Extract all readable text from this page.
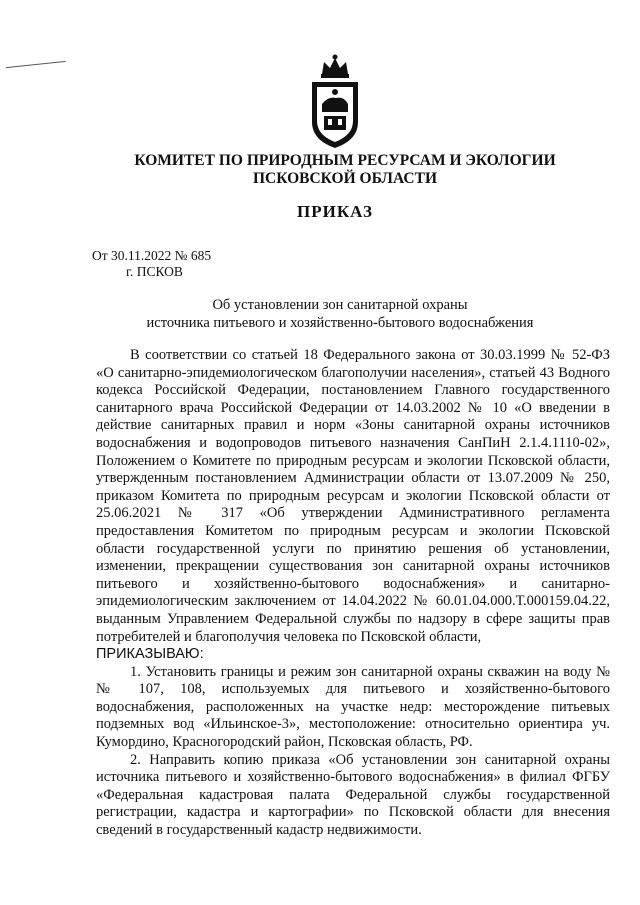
КОМИТЕТ ПО ПРИРОДНЫМ РЕСУРСАМ И ЭКОЛОГИИ
ПСКОВСКОЙ ОБЛАСТИ
ПРИКАЗ
От 30.11.2022 № 685
г. ПСКОВ
Об установлении зон санитарной охраны
источника питьевого и хозяйственно-бытового водоснабжения

В соответствии со статьей 18 Федерального закона от 30.03.1999 № 52-ФЗ «О санитарно-эпидемиологическом благополучии населения», статьей 43 Водного кодекса Российской Федерации, постановлением Главного государственного санитарного врача Российской Федерации от 14.03.2002 № 10 «О введении в действие санитарных правил и норм «Зоны санитарной охраны источников водоснабжения и водопроводов питьевого назначения СанПиН 2.1.4.1110-02», Положением о Комитете по природным ресурсам и экологии Псковской области, утвержденным постановлением Администрации области от 13.07.2009 № 250, приказом Комитета по природным ресурсам и экологии Псковской области от 25.06.2021 № 317 «Об утверждении Административного регламента предоставления Комитетом по природным ресурсам и экологии Псковской области государственной услуги по принятию решения об установлении, изменении, прекращении существования зон санитарной охраны источников питьевого и хозяйственно-бытового водоснабжения» и санитарно-эпидемиологическим заключением от 14.04.2022 № 60.01.04.000.Т.000159.04.22, выданным Управлением Федеральной службы по надзору в сфере защиты прав потребителей и благополучия человека по Псковской области,

ПРИКАЗЫВАЮ:

1. Установить границы и режим зон санитарной охраны скважин на воду №№ 107, 108, используемых для питьевого и хозяйственно-бытового водоснабжения, расположенных на участке недр: месторождение питьевых подземных вод «Ильинское-3», местоположение: относительно ориентира уч. Кумордино, Красногородский район, Псковская область, РФ.

2. Направить копию приказа «Об установлении зон санитарной охраны источника питьевого и хозяйственно-бытового водоснабжения» в филиал ФГБУ «Федеральная кадастровая палата Федеральной службы государственной регистрации, кадастра и картографии» по Псковской области для внесения сведений в государственный кадастр недвижимости.
